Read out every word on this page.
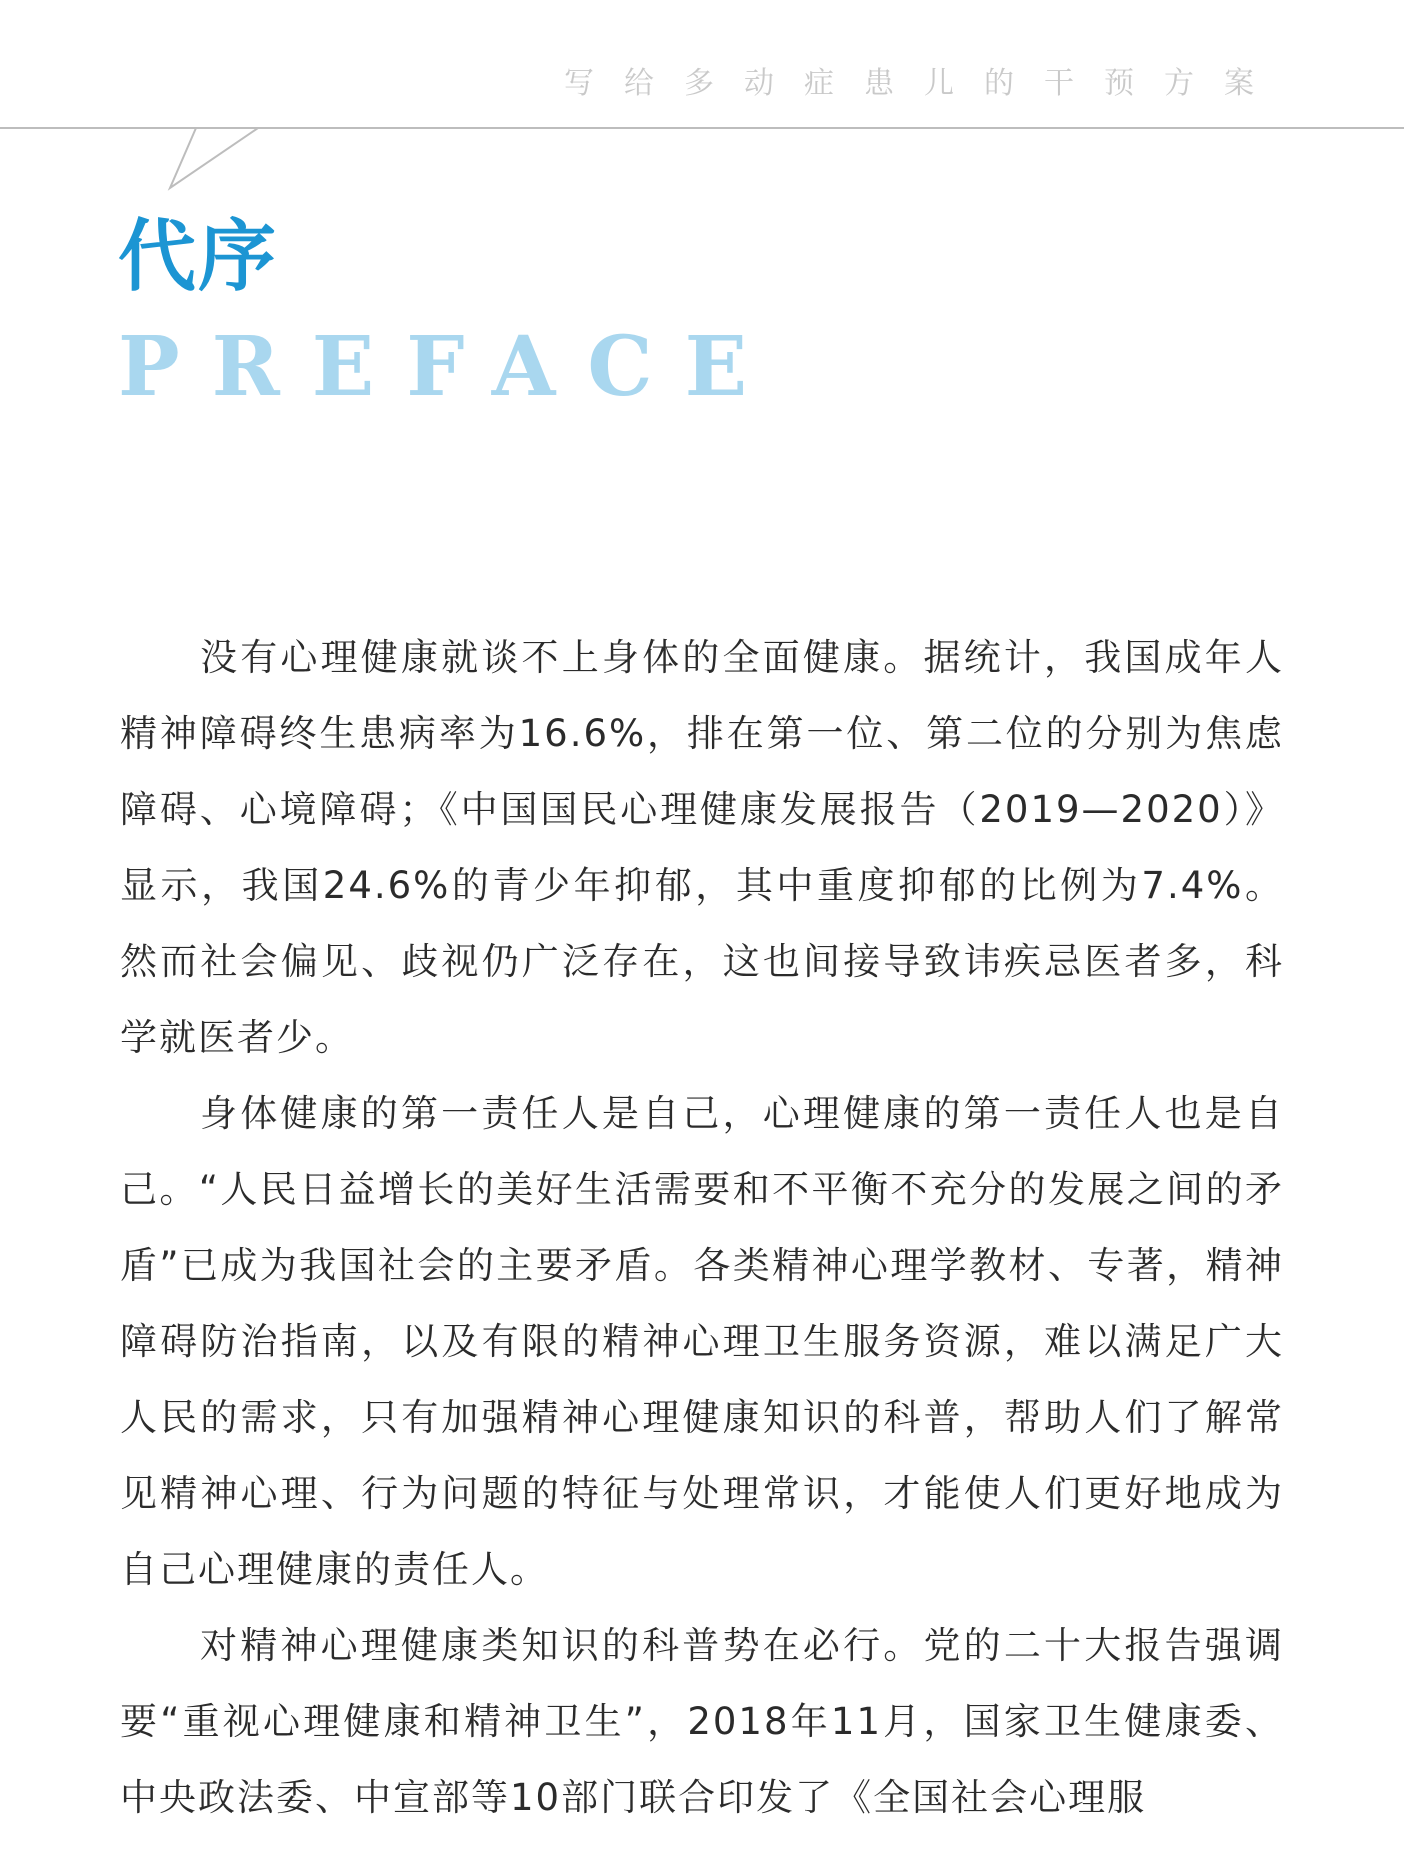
写给多动症患儿的干预方案
代序
PREFACE

没有心理健康就谈不上身体的全面健康。据统计，我国成年人精神障碍终生患病率为16.6%，排在第一位、第二位的分别为焦虑障碍、心境障碍；《中国国民心理健康发展报告（2019—2020）》显示，我国24.6%的青少年抑郁，其中重度抑郁的比例为7.4%。然而社会偏见、歧视仍广泛存在，这也间接导致讳疾忌医者多，科学就医者少。

身体健康的第一责任人是自己，心理健康的第一责任人也是自己。“人民日益增长的美好生活需要和不平衡不充分的发展之间的矛盾”已成为我国社会的主要矛盾。各类精神心理学教材、专著，精神障碍防治指南，以及有限的精神心理卫生服务资源，难以满足广大人民的需求，只有加强精神心理健康知识的科普，帮助人们了解常见精神心理、行为问题的特征与处理常识，才能使人们更好地成为自己心理健康的责任人。

对精神心理健康类知识的科普势在必行。党的二十大报告强调要“重视心理健康和精神卫生”，2018年11月，国家卫生健康委、中央政法委、中宣部等10部门联合印发了《全国社会心理服
